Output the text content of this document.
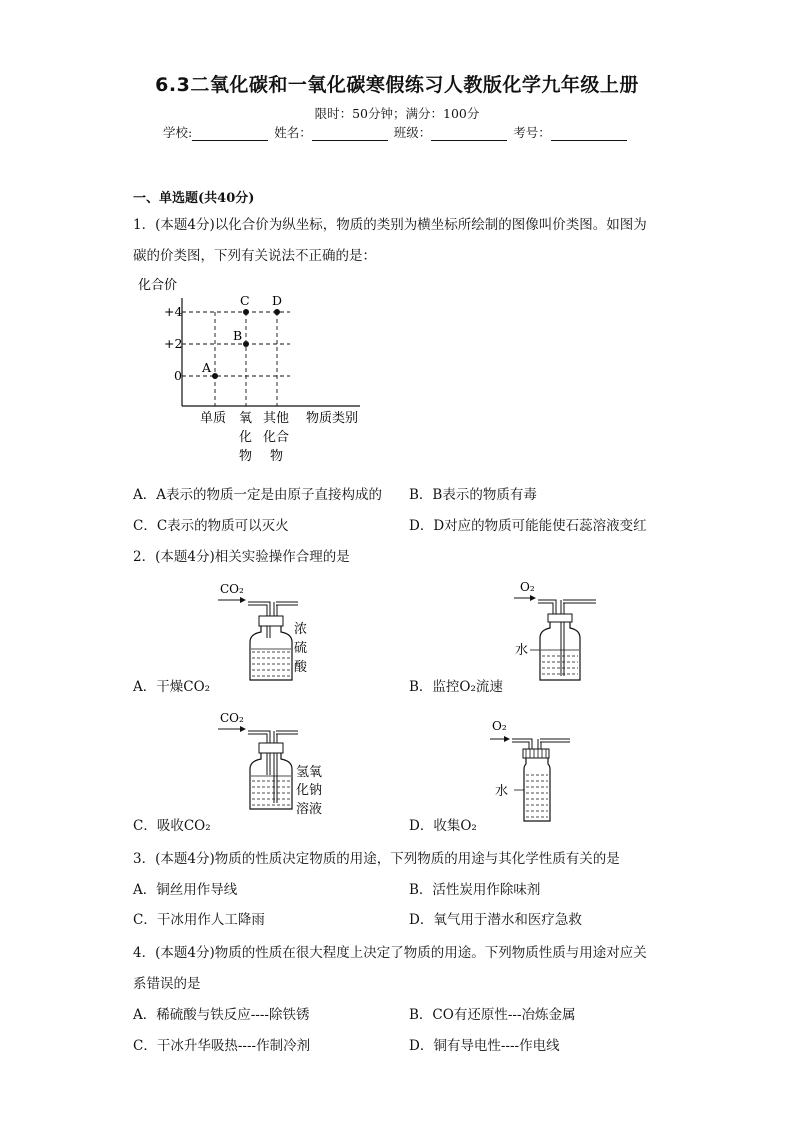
6.3二氧化碳和一氧化碳寒假练习人教版化学九年级上册
限时：50分钟；满分：100分
学校:	姓名：	班级：	考号：
一、单选题(共40分)
1．(本题4分)以化合价为纵坐标，物质的类别为横坐标所绘制的图像叫价类图。如图为
碳的价类图，下列有关说法不正确的是：
化合价
+4
+2
0
A
B
C D
单质 氧
化
物
其他
化合
物
物质类别
A．A表示的物质一定是由原子直接构成的 B．B表示的物质有毒
C．C表示的物质可以灭火	D．D对应的物质可能能使石蕊溶液变红
2．(本题4分)相关实验操作合理的是
CO₂
浓
硫
酸
A．干燥CO₂
O₂
水
B．监控O₂流速
CO₂
氢氧
化钠
溶液
C．吸收CO₂
O₂
水
D．收集O₂
3．(本题4分)物质的性质决定物质的用途，下列物质的用途与其化学性质有关的是
A．铜丝用作导线	B．活性炭用作除味剂
C．干冰用作人工降雨	D．氧气用于潜水和医疗急救
4．(本题4分)物质的性质在很大程度上决定了物质的用途。下列物质性质与用途对应关
系错误的是
A．稀硫酸与铁反应----除铁锈	B．CO有还原性---冶炼金属
C．干冰升华吸热----作制冷剂	D．铜有导电性----作电线
